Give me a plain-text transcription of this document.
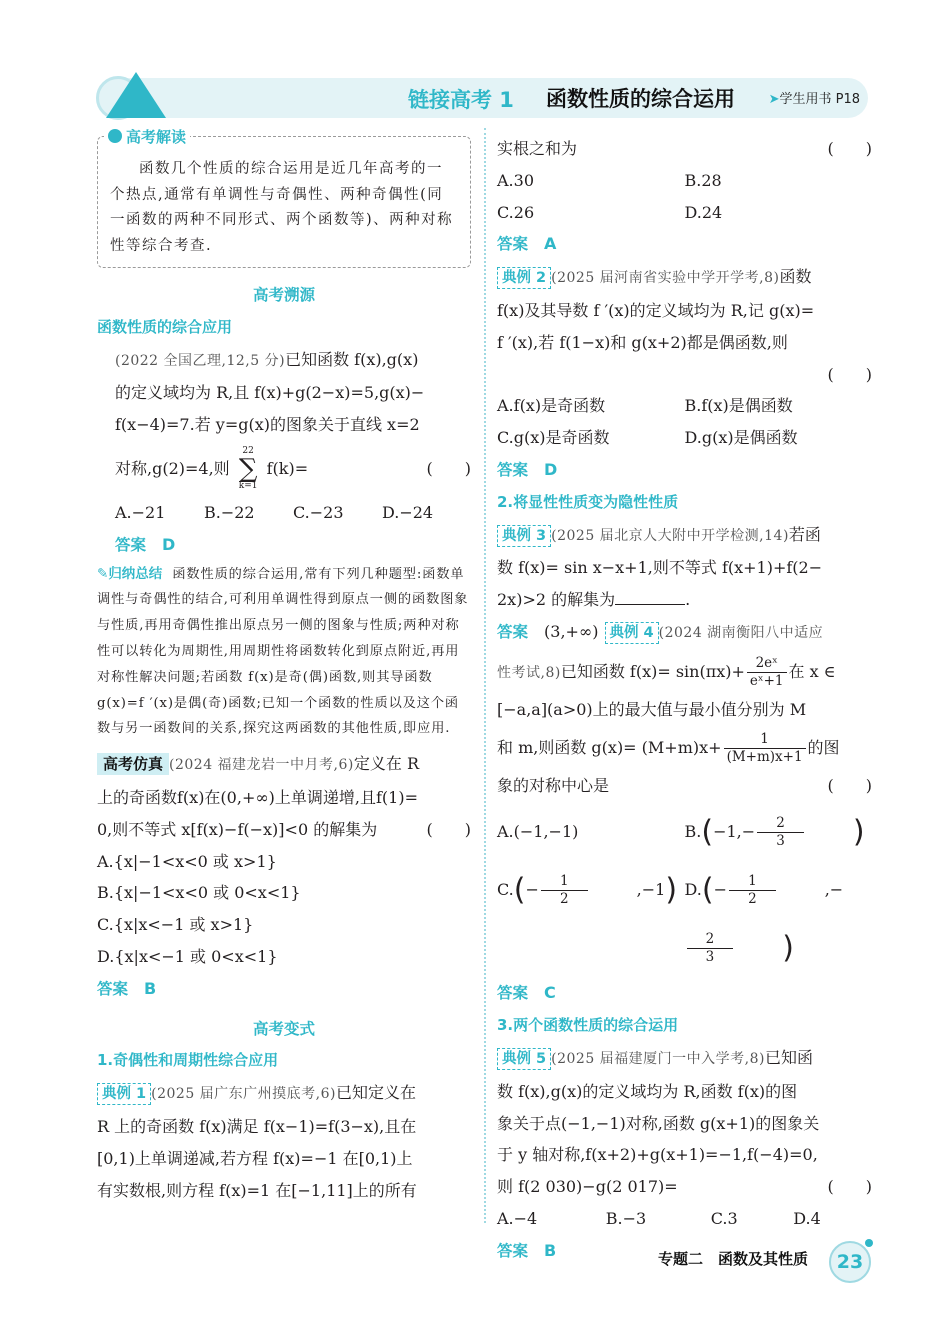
链接高考 1 函数性质的综合运用	➤学生用书 P18
高考解读
函数几个性质的综合运用是近几年高考的一个热点,通常有单调性与奇偶性、两种奇偶性(同一函数的两种不同形式、两个函数等)、两种对称性等综合考查.
高考溯源
函数性质的综合应用
(2022 全国乙理,12,5 分)已知函数 f(x),g(x)
的定义域均为 R,且 f(x)+g(2−x)=5,g(x)−
f(x−4)=7.若 y=g(x)的图象关于直线 x=2
对称,g(2)=4,则 22
∑
k=1 f(k)=	(　　)
A.−21	B.−22	C.−23	D.−24
答案 D
✎归纳总结 函数性质的综合运用,常有下列几种题型:函数单调性与奇偶性的结合,可利用单调性得到原点一侧的函数图象与性质,再用奇偶性推出原点另一侧的图象与性质;两种对称性可以转化为周期性,用周期性将函数转化到原点附近,再用对称性解决问题;若函数 f(x)是奇(偶)函数,则其导函数g(x)=f ′(x)是偶(奇)函数;已知一个函数的性质以及这个函数与另一函数间的关系,探究这两函数的其他性质,即应用.
高考仿真 (2024 福建龙岩一中月考,6)定义在 R
上的奇函数f(x)在(0,+∞)上单调递增,且f(1)=
0,则不等式 x[f(x)−f(−x)]<0 的解集为	(　　)
A.{x|−1<x<0 或 x>1}
B.{x|−1<x<0 或 0<x<1}
C.{x|x<−1 或 x>1}
D.{x|x<−1 或 0<x<1}
答案 B
高考变式
1.奇偶性和周期性综合应用
典例 1 (2025 届广东广州摸底考,6)已知定义在
R 上的奇函数 f(x)满足 f(x−1)=f(3−x),且在
[0,1)上单调递减,若方程 f(x)=−1 在[0,1)上
有实数根,则方程 f(x)=1 在[−1,11]上的所有
实根之和为	(　　)
A.30	B.28
C.26	D.24
答案 A
典例 2 (2025 届河南省实验中学开学考,8)函数
f(x)及其导数 f ′(x)的定义域均为 R,记 g(x)=
f ′(x),若 f(1−x)和 g(x+2)都是偶函数,则
(　　)
A.f(x)是奇函数	B.f(x)是偶函数
C.g(x)是奇函数	D.g(x)是偶函数
答案 D
2.将显性性质变为隐性性质
典例 3 (2025 届北京人大附中开学检测,14)若函
数 f(x)= sin x−x+1,则不等式 f(x+1)+f(2−
2x)>2 的解集为	.
答案 (3,+∞) 典例 4 (2024 湖南衡阳八中适应
性考试,8)已知函数 $f(x)= \sin(\pi x)+ \frac{\text{2eˣ}}{\text{eˣ+1}}$ 在 x ∈
[−a,a](a>0)上的最大值与最小值分别为 M
和 m,则函数 $g(x)= (M+m)x+ \frac{1}{(M+m)x+1}$ 的图
象的对称中心是	(　　)
A.(−1,−1)	$B.(-1,- \frac{2}{3}$ )
$C.(- \frac{1}{2} ,-1)$ $D.(- \frac{1}{2}$ ,−
$\frac{2}{3}$ )
答案 C
3.两个函数性质的综合运用
典例 5 (2025 届福建厦门一中入学考,8)已知函
数 f(x),g(x)的定义域均为 R,函数 f(x)的图
象关于点(−1,−1)对称,函数 g(x+1)的图象关
于 y 轴对称,f(x+2)+g(x+1)=−1,f(−4)=0,
则 f(2 030)−g(2 017)=	(　　)
A.−4	B.−3	C.3	D.4
答案 B	专题二　函数及其性质	23
